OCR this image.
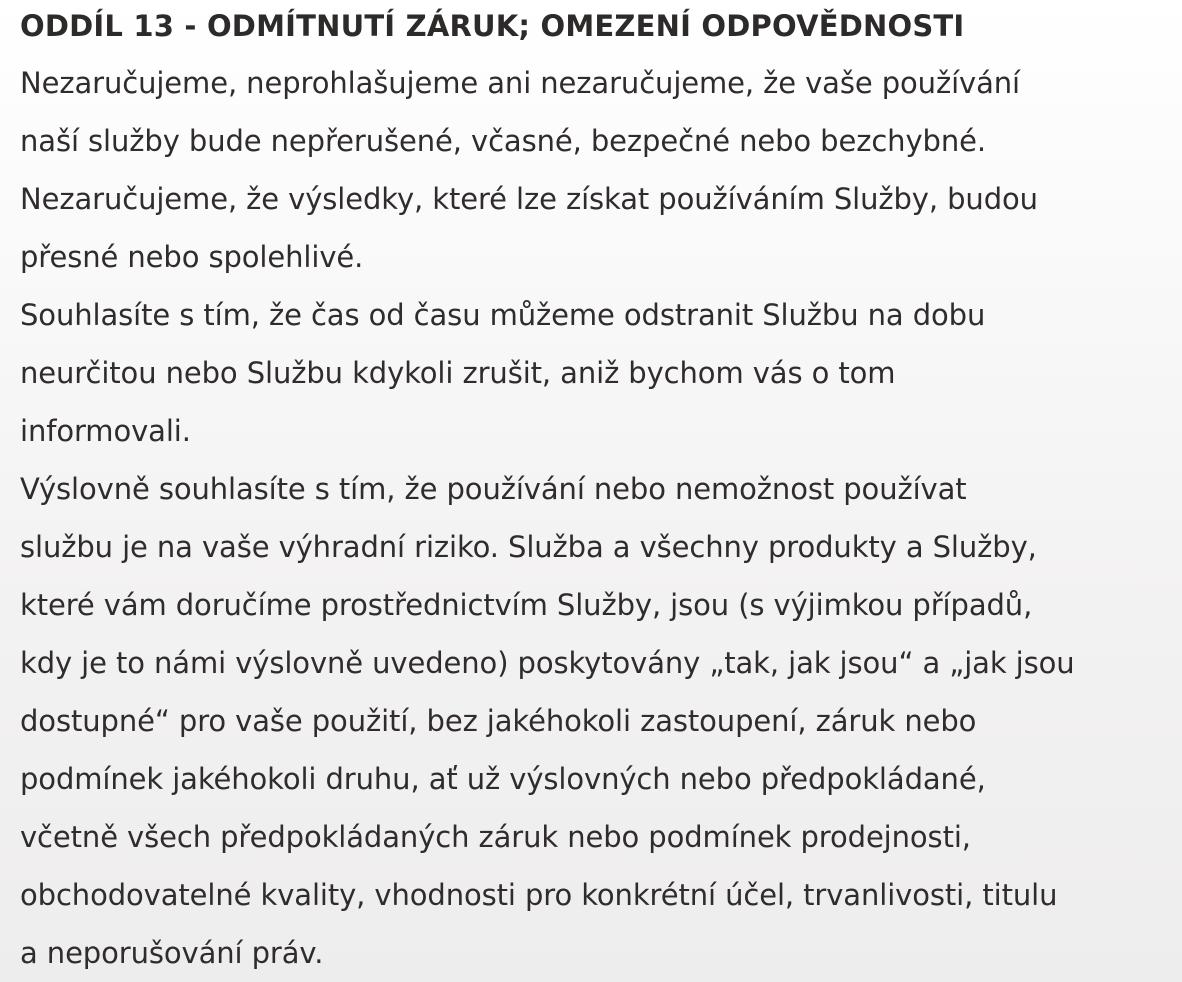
ODDÍL 13 - ODMÍTNUTÍ ZÁRUK; OMEZENÍ ODPOVĚDNOSTI

Nezaručujeme, neprohlašujeme ani nezaručujeme, že vaše používání
naší služby bude nepřerušené, včasné, bezpečné nebo bezchybné.

Nezaručujeme, že výsledky, které lze získat používáním Služby, budou
přesné nebo spolehlivé.

Souhlasíte s tím, že čas od času můžeme odstranit Službu na dobu
neurčitou nebo Službu kdykoli zrušit, aniž bychom vás o tom
informovali.

Výslovně souhlasíte s tím, že používání nebo nemožnost používat
službu je na vaše výhradní riziko. Služba a všechny produkty a Služby,
které vám doručíme prostřednictvím Služby, jsou (s výjimkou případů,
kdy je to námi výslovně uvedeno) poskytovány „tak, jak jsou“ a „jak jsou
dostupné“ pro vaše použití, bez jakéhokoli zastoupení, záruk nebo
podmínek jakéhokoli druhu, ať už výslovných nebo předpokládané,
včetně všech předpokládaných záruk nebo podmínek prodejnosti,
obchodovatelné kvality, vhodnosti pro konkrétní účel, trvanlivosti, titulu
a neporušování práv.
